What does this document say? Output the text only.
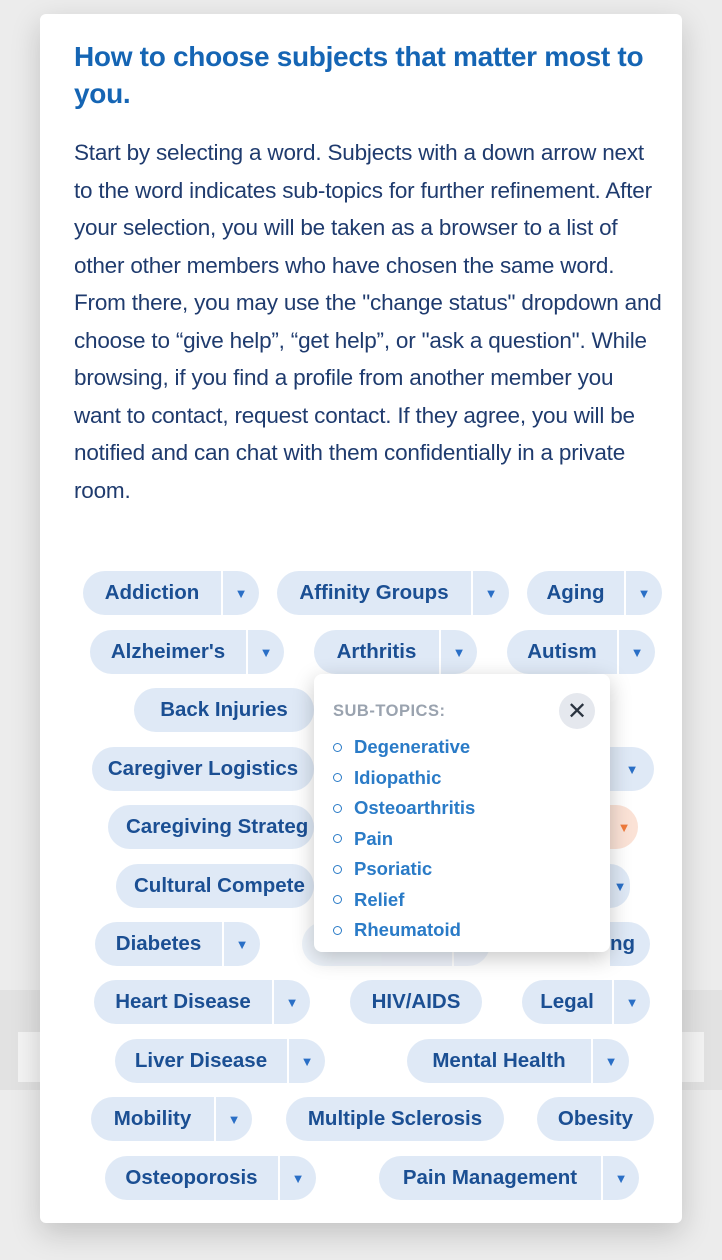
How to choose subjects that matter most to you.

Start by selecting a word. Subjects with a down arrow next to the word indicates sub-topics for further refinement. After your selection, you will be taken as a browser to a list of other other members who have chosen the same word. From there, you may use the "change status" dropdown and choose to “give help”, “get help”, or "ask a question". While browsing, if you find a profile from another member you want to contact, request contact. If they agree, you will be notified and can chat with them confidentially in a private room.

Addiction	▼	Affinity Groups	▼	Aging	▼
Alzheimer's	▼	Arthritis	▼	Autism	▼
Back Injuries
Caregiver Logistics	▼
Caregiving Strateg	▼
Cultural Compete	▼
Diabetes	▼	ng
Heart Disease	▼	HIV/AIDS	Legal	▼
Liver Disease	▼	Mental Health	▼
Mobility	▼	Multiple Sclerosis	Obesity
Osteoporosis	▼	Pain Management	▼
SUB-TOPICS:	✕
Degenerative
Idiopathic
Osteoarthritis
Pain
Psoriatic
Relief
Rheumatoid
